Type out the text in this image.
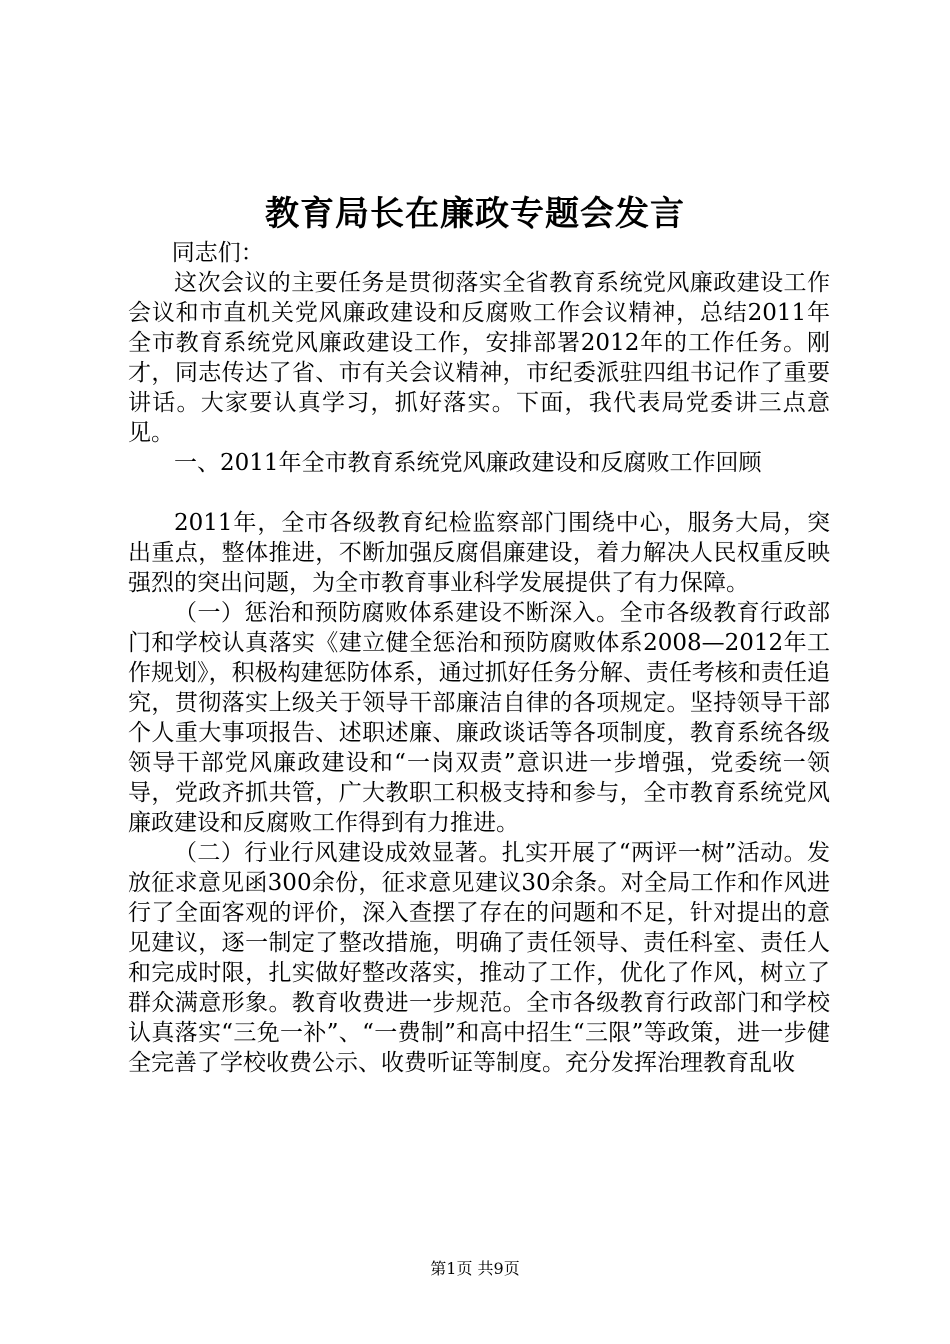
教育局长在廉政专题会发言

同志们：

这次会议的主要任务是贯彻落实全省教育系统党风廉政建设工作会议和市直机关党风廉政建设和反腐败工作会议精神，总结2011年全市教育系统党风廉政建设工作，安排部署2012年的工作任务。刚才，同志传达了省、市有关会议精神，市纪委派驻四组书记作了重要讲话。大家要认真学习，抓好落实。下面，我代表局党委讲三点意见。

一、2011年全市教育系统党风廉政建设和反腐败工作回顾

2011年，全市各级教育纪检监察部门围绕中心，服务大局，突出重点，整体推进，不断加强反腐倡廉建设，着力解决人民权重反映强烈的突出问题，为全市教育事业科学发展提供了有力保障。

（一）惩治和预防腐败体系建设不断深入。全市各级教育行政部门和学校认真落实《建立健全惩治和预防腐败体系2008—2012年工作规划》，积极构建惩防体系，通过抓好任务分解、责任考核和责任追究，贯彻落实上级关于领导干部廉洁自律的各项规定。坚持领导干部个人重大事项报告、述职述廉、廉政谈话等各项制度，教育系统各级领导干部党风廉政建设和“一岗双责”意识进一步增强，党委统一领导，党政齐抓共管，广大教职工积极支持和参与，全市教育系统党风廉政建设和反腐败工作得到有力推进。

（二）行业行风建设成效显著。扎实开展了“两评一树”活动。发放征求意见函300余份，征求意见建议30余条。对全局工作和作风进行了全面客观的评价，深入查摆了存在的问题和不足，针对提出的意见建议，逐一制定了整改措施，明确了责任领导、责任科室、责任人和完成时限，扎实做好整改落实，推动了工作，优化了作风，树立了群众满意形象。教育收费进一步规范。全市各级教育行政部门和学校认真落实“三免一补”、“一费制”和高中招生“三限”等政策，进一步健全完善了学校收费公示、收费听证等制度。充分发挥治理教育乱收

第1页 共9页
